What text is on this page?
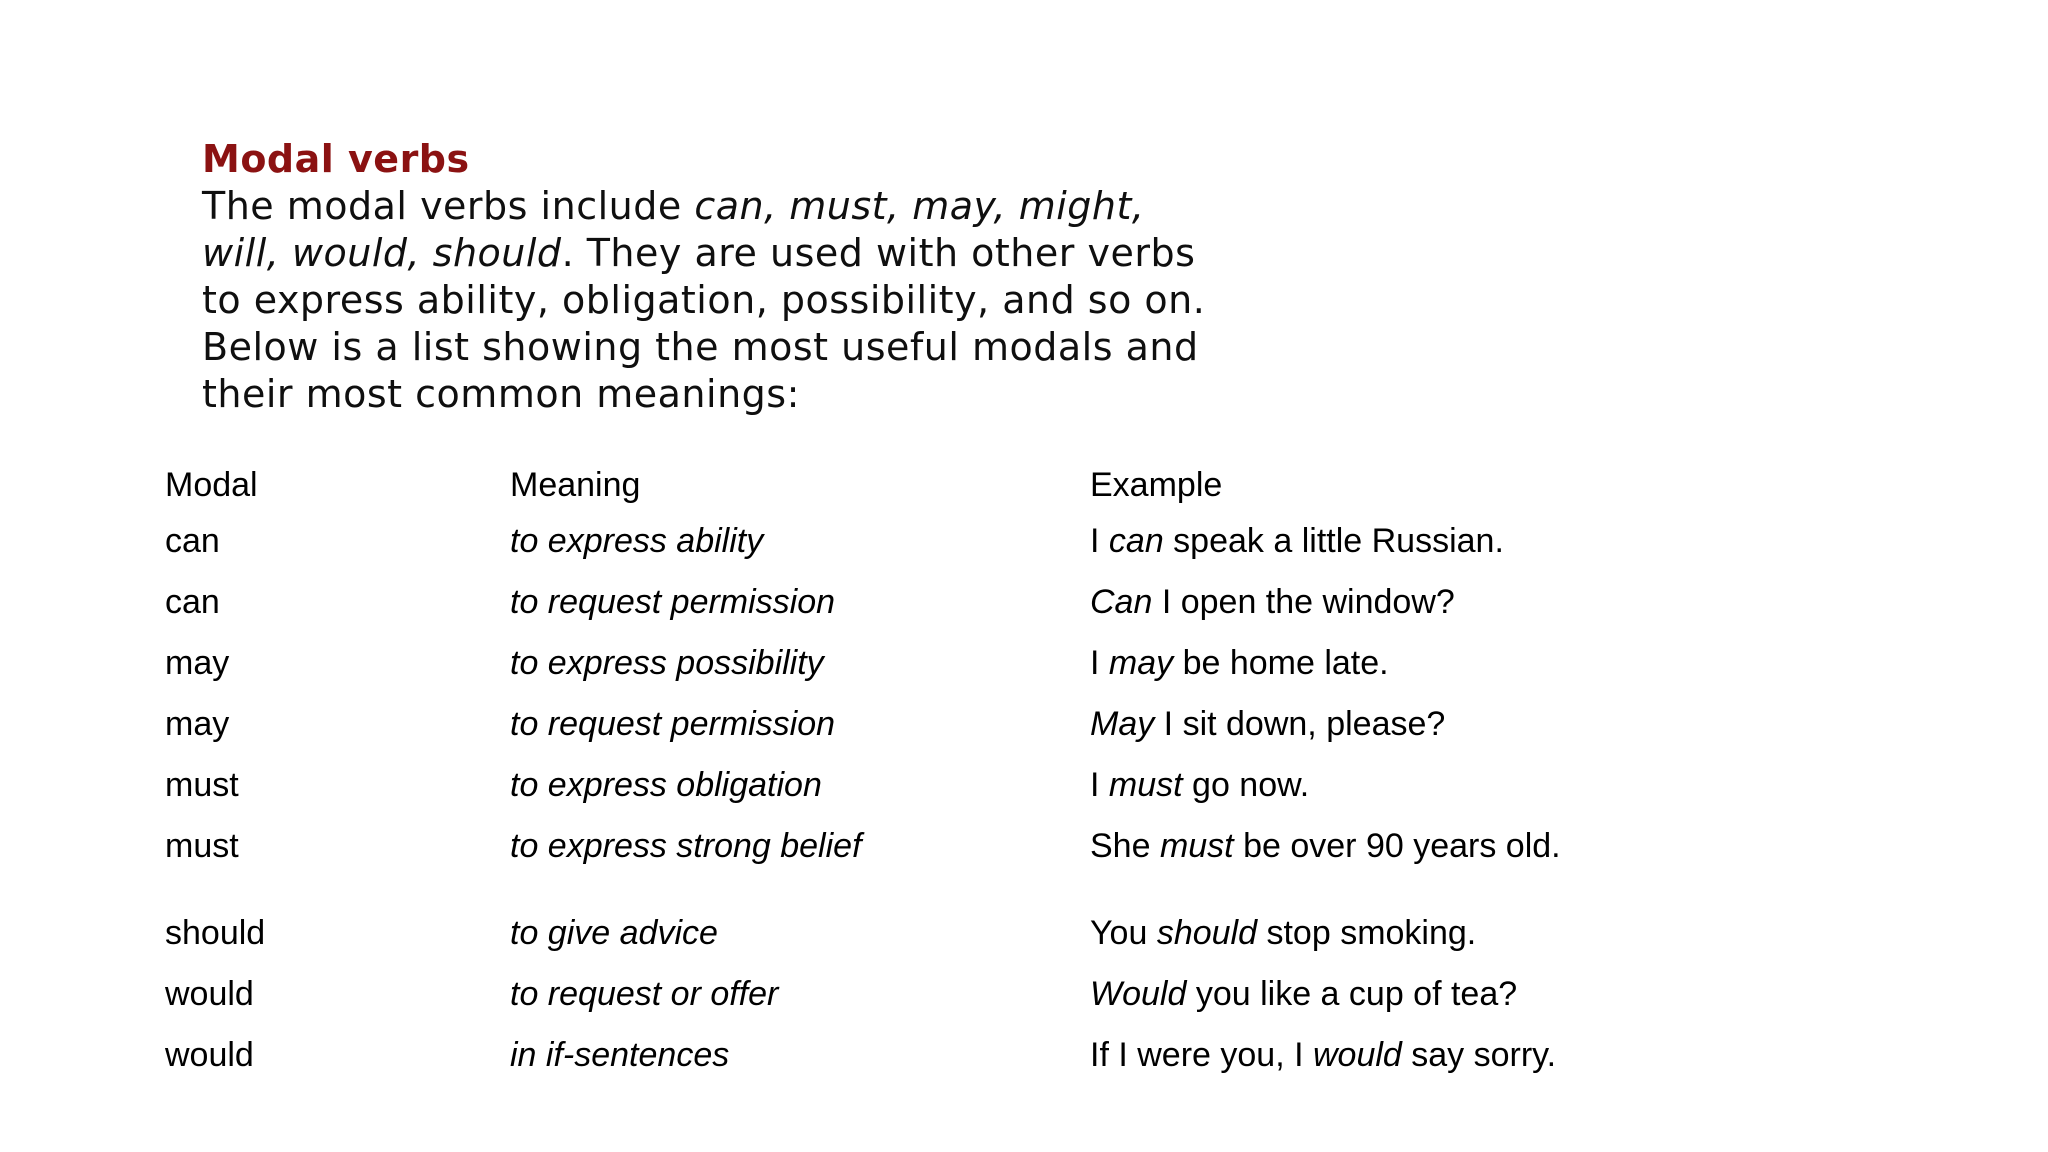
Modal verbs

The modal verbs include can, must, may, might,
will, would, should. They are used with other verbs
to express ability, obligation, possibility, and so on.
Below is a list showing the most useful modals and
their most common meanings:

Modal	Meaning	Example
can	to express ability	I can speak a little Russian.
can	to request permission	Can I open the window?
may	to express possibility	I may be home late.
may	to request permission	May I sit down, please?
must	to express obligation	I must go now.
must	to express strong belief	She must be over 90 years old.
should	to give advice	You should stop smoking.
would	to request or offer	Would you like a cup of tea?
would	in if-sentences	If I were you, I would say sorry.
